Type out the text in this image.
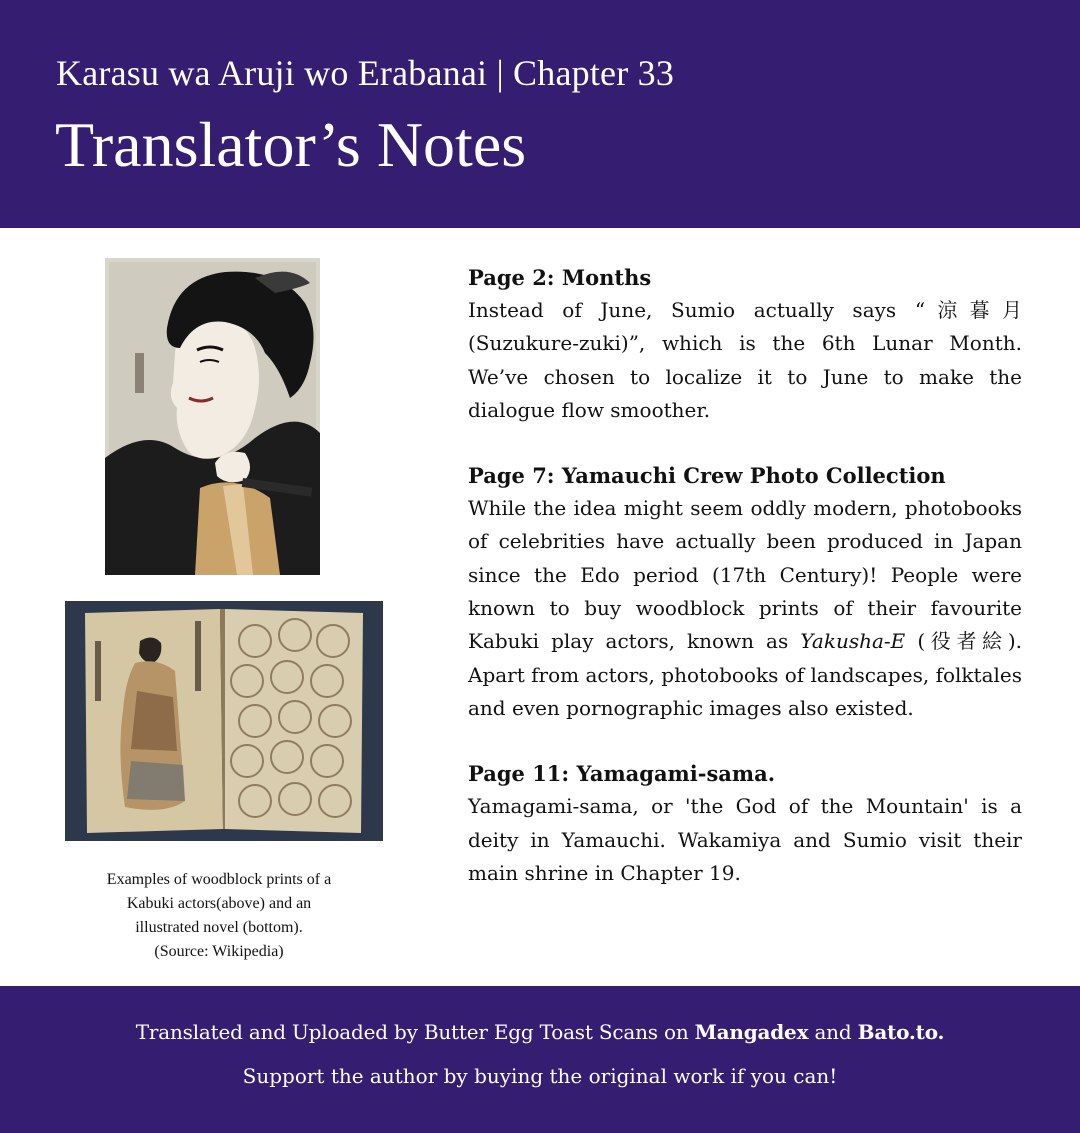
Karasu wa Aruji wo Erabanai | Chapter 33
Translator’s Notes
Examples of woodblock prints of a
Kabuki actors(above) and an
illustrated novel (bottom).
(Source: Wikipedia)
Page 2: Months

Instead of June, Sumio actually says “涼暮月 (Suzukure-zuki)”, which is the 6th Lunar Month. We’ve chosen to localize it to June to make the dialogue flow smoother.

Page 7: Yamauchi Crew Photo Collection

While the idea might seem oddly modern, photobooks of celebrities have actually been produced in Japan since the Edo period (17th Century)! People were known to buy woodblock prints of their favourite Kabuki play actors, known as Yakusha-E (役者絵). Apart from actors, photobooks of landscapes, folktales and even pornographic images also existed.

Page 11: Yamagami-sama.

Yamagami-sama, or 'the God of the Mountain' is a deity in Yamauchi. Wakamiya and Sumio visit their main shrine in Chapter 19.

Translated and Uploaded by Butter Egg Toast Scans on Mangadex and Bato.to.
Support the author by buying the original work if you can!
